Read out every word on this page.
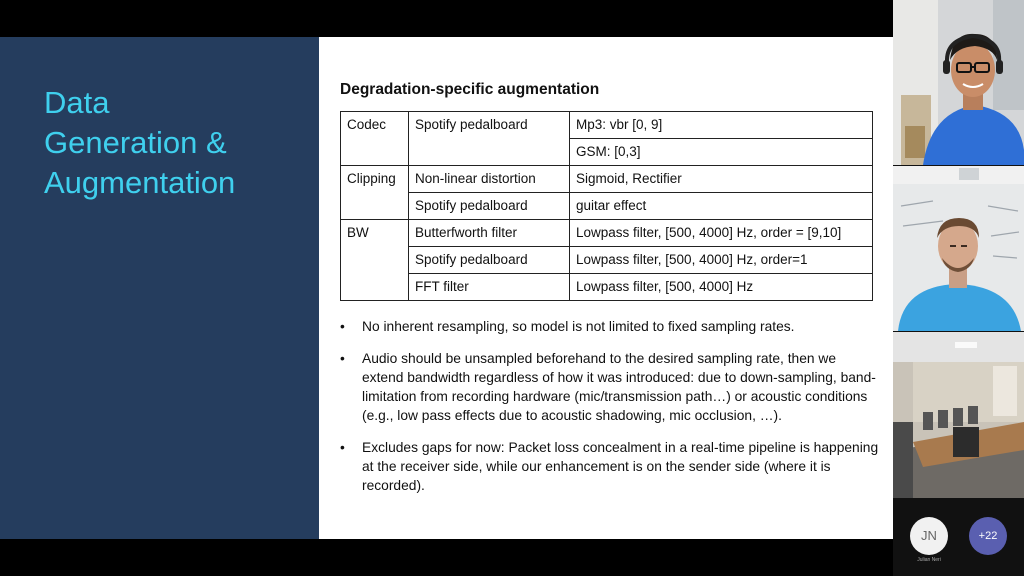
Data
Generation &
Augmentation
Degradation-specific augmentation
Codec	Spotify pedalboard	Mp3: vbr [0, 9]
		GSM: [0,3]
Clipping	Non-linear distortion	Sigmoid, Rectifier
	Spotify pedalboard	guitar effect
BW	Butterfworth filter	Lowpass filter, [500, 4000] Hz, order = [9,10]
	Spotify pedalboard	Lowpass filter, [500, 4000] Hz, order=1
	FFT filter	Lowpass filter, [500, 4000] Hz
• No inherent resampling, so model is not limited to fixed sampling rates.
• Audio should be unsampled beforehand to the desired sampling rate, then we extend bandwidth regardless of how it was introduced: due to down-sampling, band-limitation from recording hardware (mic/transmission path…) or acoustic conditions (e.g., low pass effects due to acoustic shadowing, mic occlusion, …).
• Excludes gaps for now: Packet loss concealment in a real-time pipeline is happening at the receiver side, while our enhancement is on the sender side (where it is recorded).
JN
Julian Neri
+22
